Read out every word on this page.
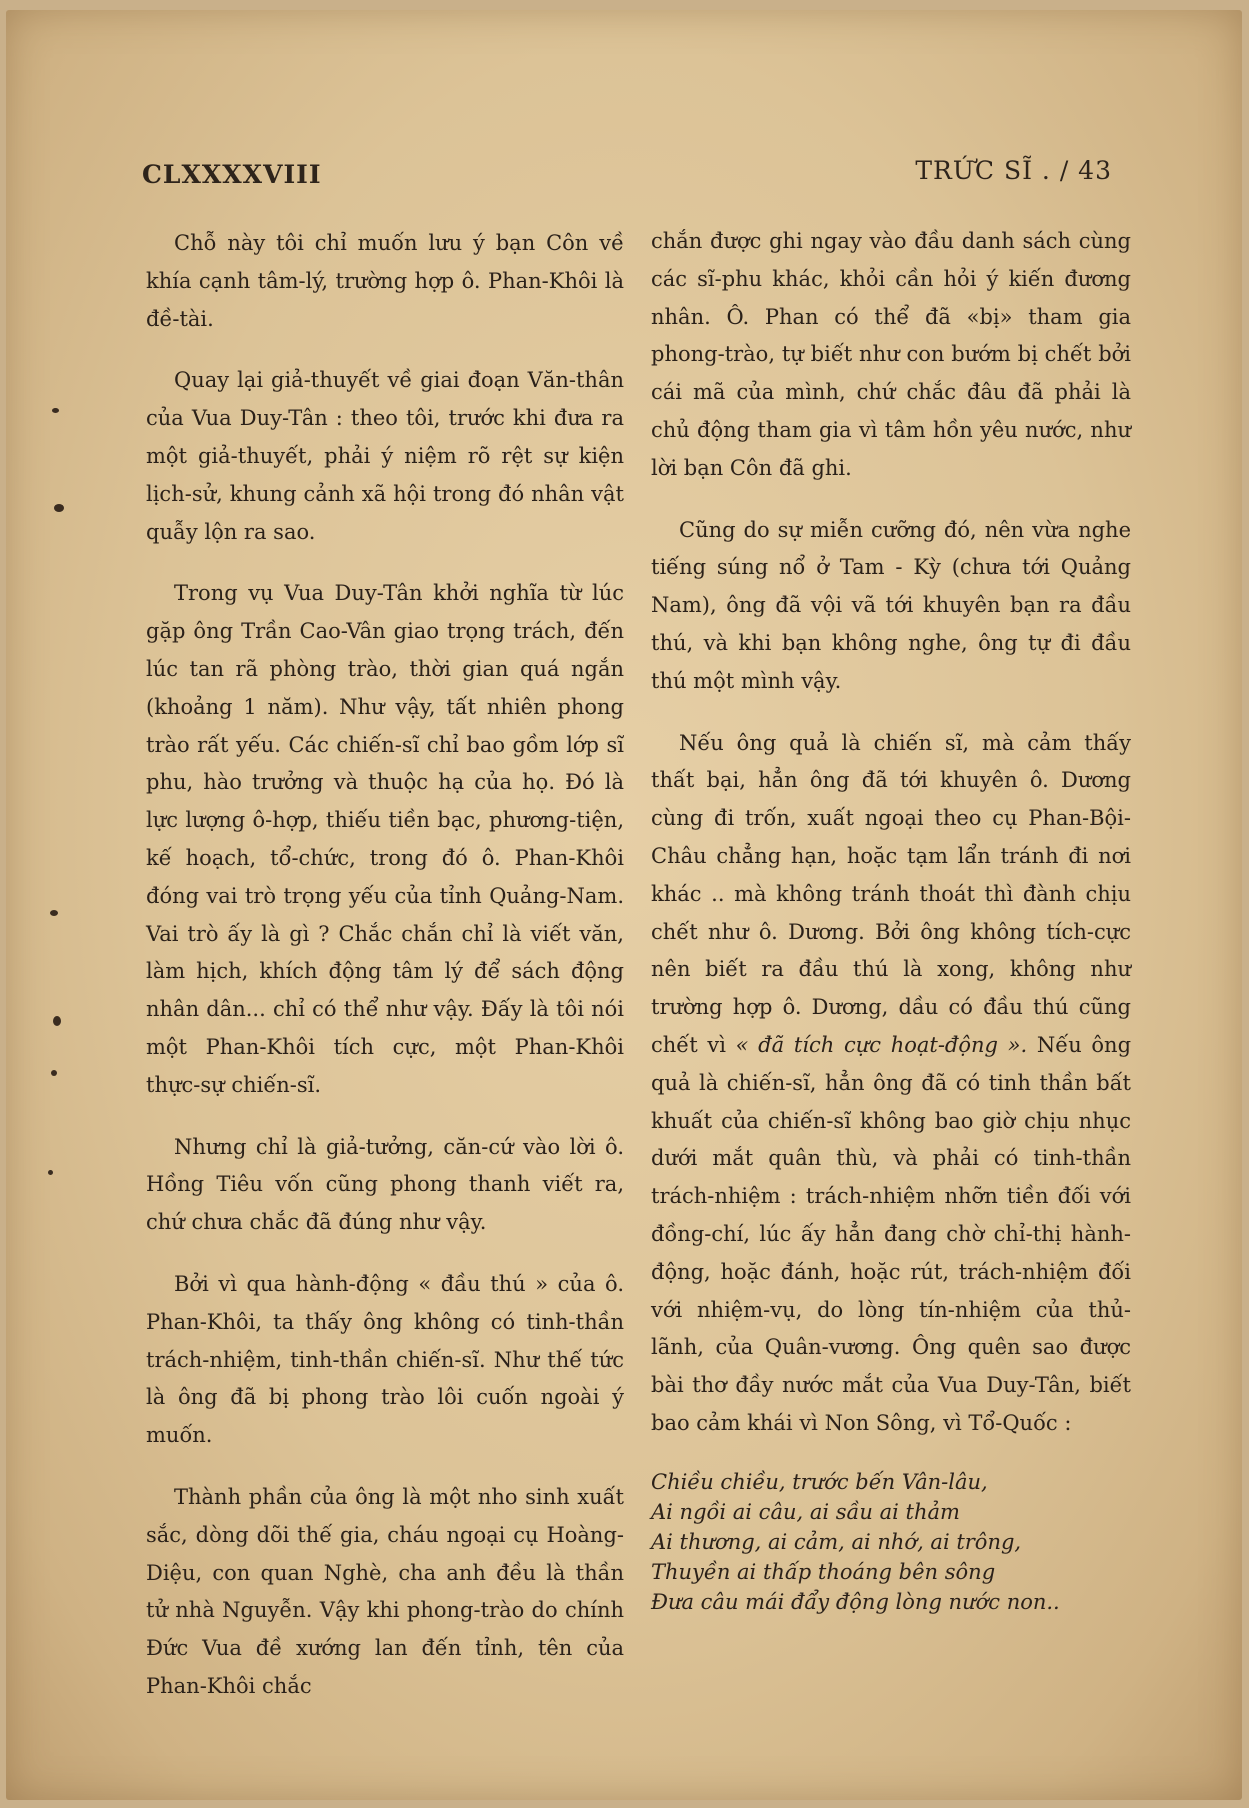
CLXXXXVIII	TRỨC SĨ . / 43

Chỗ này tôi chỉ muốn lưu ý bạn Côn về khía cạnh tâm-lý, trường hợp ô. Phan-Khôi là đề-tài.

Quay lại giả-thuyết về giai đoạn Văn-thân của Vua Duy-Tân : theo tôi, trước khi đưa ra một giả-thuyết, phải ý niệm rõ rệt sự kiện lịch-sử, khung cảnh xã hội trong đó nhân vật quẫy lộn ra sao.

Trong vụ Vua Duy-Tân khởi nghĩa từ lúc gặp ông Trần Cao-Vân giao trọng trách, đến lúc tan rã phòng trào, thời gian quá ngắn (khoảng 1 năm). Như vậy, tất nhiên phong trào rất yếu. Các chiến-sĩ chỉ bao gồm lớp sĩ phu, hào trưởng và thuộc hạ của họ. Đó là lực lượng ô-hợp, thiếu tiền bạc, phương-tiện, kế hoạch, tổ-chức, trong đó ô. Phan-Khôi đóng vai trò trọng yếu của tỉnh Quảng-Nam. Vai trò ấy là gì ? Chắc chắn chỉ là viết văn, làm hịch, khích động tâm lý để sách động nhân dân... chỉ có thể như vậy. Đấy là tôi nói một Phan-Khôi tích cực, một Phan-Khôi thực-sự chiến-sĩ.

Nhưng chỉ là giả-tưởng, căn-cứ vào lời ô. Hồng Tiêu vốn cũng phong thanh viết ra, chứ chưa chắc đã đúng như vậy.

Bởi vì qua hành-động « đầu thú » của ô. Phan-Khôi, ta thấy ông không có tinh-thần trách-nhiệm, tinh-thần chiến-sĩ. Như thế tức là ông đã bị phong trào lôi cuốn ngoài ý muốn.

Thành phần của ông là một nho sinh xuất sắc, dòng dõi thế gia, cháu ngoại cụ Hoàng-Diệu, con quan Nghè, cha anh đều là thần tử nhà Nguyễn. Vậy khi phong-trào do chính Đức Vua đề xướng lan đến tỉnh, tên của Phan-Khôi chắc

chắn được ghi ngay vào đầu danh sách cùng các sĩ-phu khác, khỏi cần hỏi ý kiến đương nhân. Ô. Phan có thể đã «bị» tham gia phong-trào, tự biết như con bướm bị chết bởi cái mã của mình, chứ chắc đâu đã phải là chủ động tham gia vì tâm hồn yêu nước, như lời bạn Côn đã ghi.

Cũng do sự miễn cưỡng đó, nên vừa nghe tiếng súng nổ ở Tam - Kỳ (chưa tới Quảng Nam), ông đã vội vã tới khuyên bạn ra đầu thú, và khi bạn không nghe, ông tự đi đầu thú một mình vậy.

Nếu ông quả là chiến sĩ, mà cảm thấy thất bại, hẳn ông đã tới khuyên ô. Dương cùng đi trốn, xuất ngoại theo cụ Phan-Bội-Châu chẳng hạn, hoặc tạm lẩn tránh đi nơi khác .. mà không tránh thoát thì đành chịu chết như ô. Dương. Bởi ông không tích-cực nên biết ra đầu thú là xong, không như trường hợp ô. Dương, dầu có đầu thú cũng chết vì « đã tích cực hoạt-động ». Nếu ông quả là chiến-sĩ, hẳn ông đã có tinh thần bất khuất của chiến-sĩ không bao giờ chịu nhục dưới mắt quân thù, và phải có tinh-thần trách-nhiệm : trách-nhiệm nhỡn tiền đối với đồng-chí, lúc ấy hẳn đang chờ chỉ-thị hành-động, hoặc đánh, hoặc rút, trách-nhiệm đối với nhiệm-vụ, do lòng tín-nhiệm của thủ-lãnh, của Quân-vương. Ông quên sao được bài thơ đầy nước mắt của Vua Duy-Tân, biết bao cảm khái vì Non Sông, vì Tổ-Quốc :

Chiều chiều, trước bến Vân-lâu,
Ai ngồi ai câu, ai sầu ai thảm
Ai thương, ai cảm, ai nhớ, ai trông,
Thuyền ai thấp thoáng bên sông
Đưa câu mái đẩy động lòng nước non..
